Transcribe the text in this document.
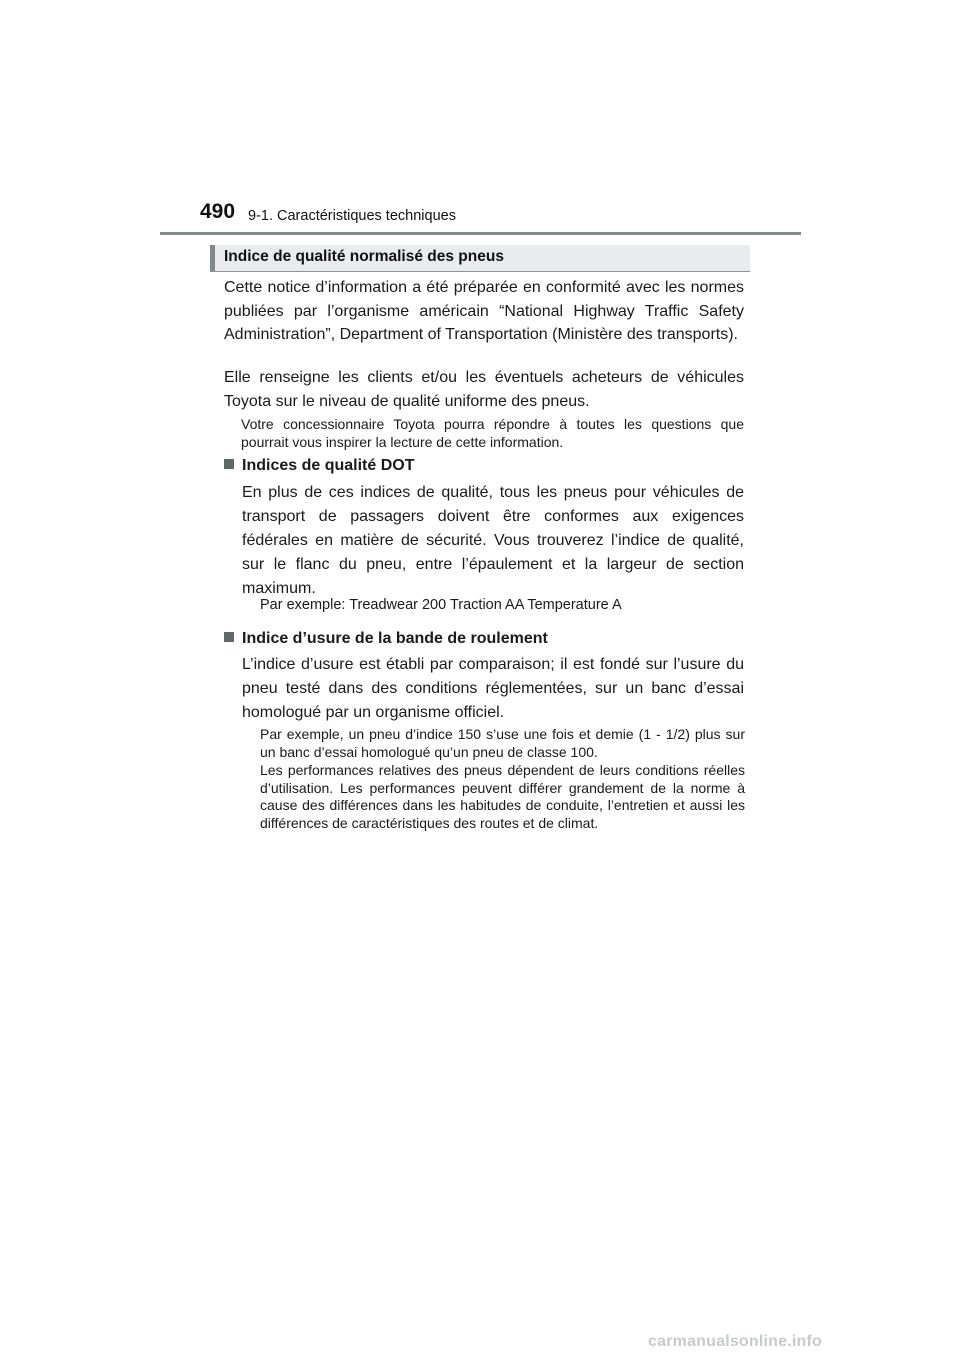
490 9-1. Caractéristiques techniques
Indice de qualité normalisé des pneus

Cette notice d’information a été préparée en conformité avec les normes publiées par l’organisme américain “National Highway Traffic Safety Administration”, Department of Transportation (Ministère des transports).

Elle renseigne les clients et/ou les éventuels acheteurs de véhicules Toyota sur le niveau de qualité uniforme des pneus.

Votre concessionnaire Toyota pourra répondre à toutes les questions que pourrait vous inspirer la lecture de cette information.

Indices de qualité DOT

En plus de ces indices de qualité, tous les pneus pour véhicules de transport de passagers doivent être conformes aux exigences fédérales en matière de sécurité. Vous trouverez l’indice de qualité, sur le flanc du pneu, entre l’épaulement et la largeur de section maximum.

Par exemple: Treadwear 200 Traction AA Temperature A

Indice d’usure de la bande de roulement

L’indice d’usure est établi par comparaison; il est fondé sur l’usure du pneu testé dans des conditions réglementées, sur un banc d’essai homologué par un organisme officiel.

Par exemple, un pneu d’indice 150 s’use une fois et demie (1 - 1/2) plus sur un banc d’essai homologué qu’un pneu de classe 100.

Les performances relatives des pneus dépendent de leurs conditions réelles d’utilisation. Les performances peuvent différer grandement de la norme à cause des différences dans les habitudes de conduite, l’entretien et aussi les différences de caractéristiques des routes et de climat.

carmanualsonline.info
